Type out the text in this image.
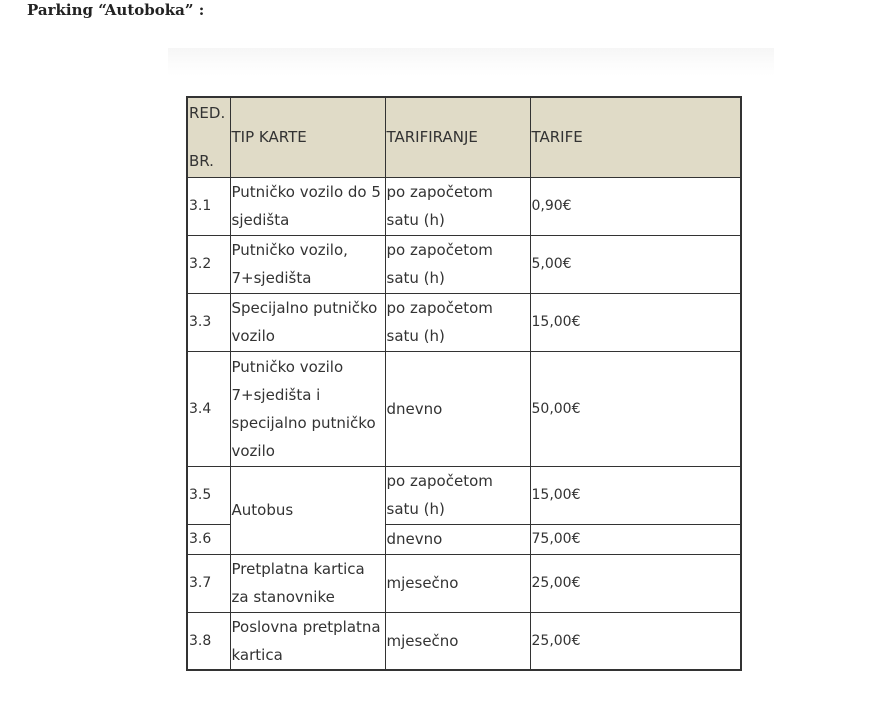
Parking “Autoboka” :
RED.
BR.	TIP KARTE	TARIFIRANJE	TARIFE
3.1	Putničko vozilo do 5 sjedišta	po započetom satu (h)	0,90€
3.2	Putničko vozilo, 7+sjedišta	po započetom satu (h)	5,00€
3.3	Specijalno putničko vozilo	po započetom satu (h)	15,00€
3.4	Putničko vozilo 7+sjedišta i specijalno putničko vozilo	dnevno	50,00€
3.5	Autobus	po započetom satu (h)	15,00€
3.6		dnevno	75,00€
3.7	Pretplatna kartica za stanovnike	mjesečno	25,00€
3.8	Poslovna pretplatna kartica	mjesečno	25,00€
